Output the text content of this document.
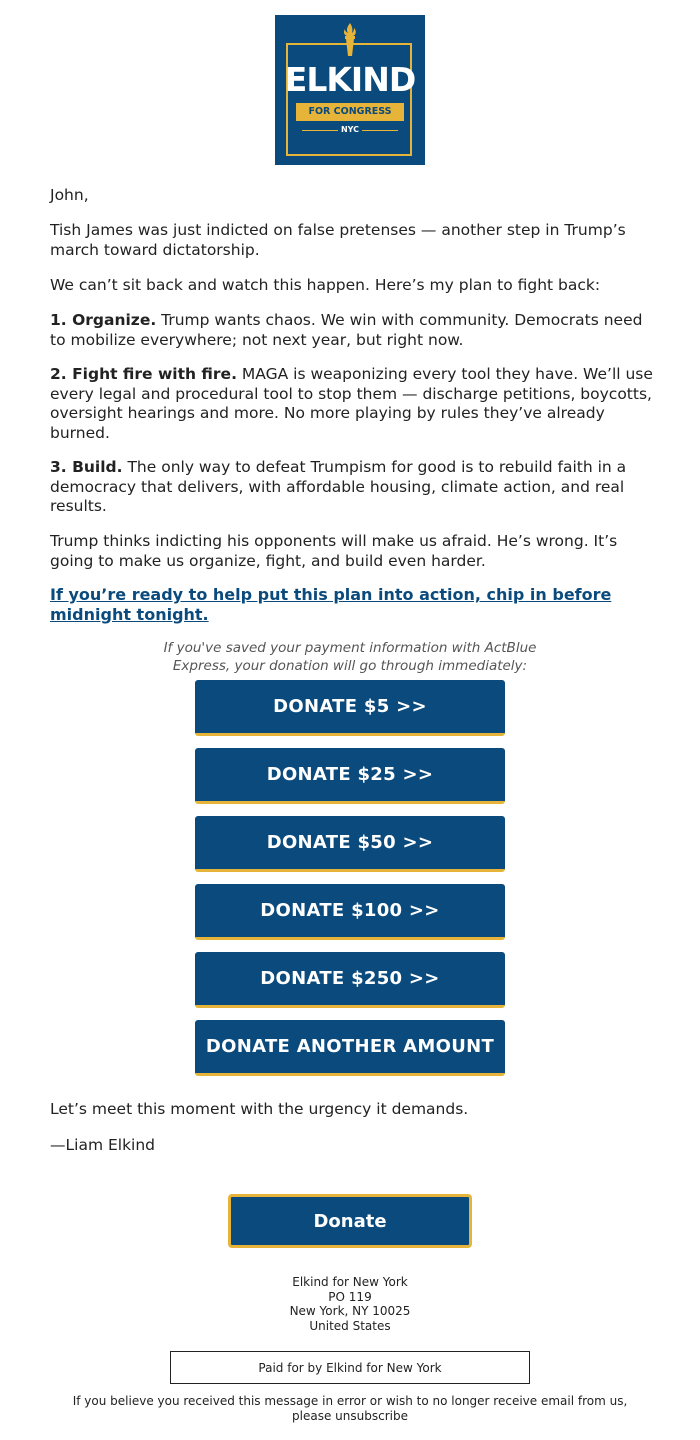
ELKIND
FOR CONGRESS
NYC

John,

Tish James was just indicted on false pretenses — another step in Trump’s march toward dictatorship.

We can’t sit back and watch this happen. Here’s my plan to fight back:

1. Organize. Trump wants chaos. We win with community. Democrats need to mobilize everywhere; not next year, but right now.

2. Fight fire with fire. MAGA is weaponizing every tool they have. We’ll use every legal and procedural tool to stop them — discharge petitions, boycotts, oversight hearings and more. No more playing by rules they’ve already burned.

3. Build. The only way to defeat Trumpism for good is to rebuild faith in a democracy that delivers, with affordable housing, climate action, and real results.

Trump thinks indicting his opponents will make us afraid. He’s wrong. It’s going to make us organize, fight, and build even harder.

If you’re ready to help put this plan into action, chip in before midnight tonight.
If you've saved your payment information with ActBlue Express, your donation will go through immediately:
DONATE $5 >>
DONATE $25 >>
DONATE $50 >>
DONATE $100 >>
DONATE $250 >>
DONATE ANOTHER AMOUNT

Let’s meet this moment with the urgency it demands.

—Liam Elkind

Donate
Elkind for New York
PO 119
New York, NY 10025
United States
Paid for by Elkind for New York
If you believe you received this message in error or wish to no longer receive email from us,
please unsubscribe
